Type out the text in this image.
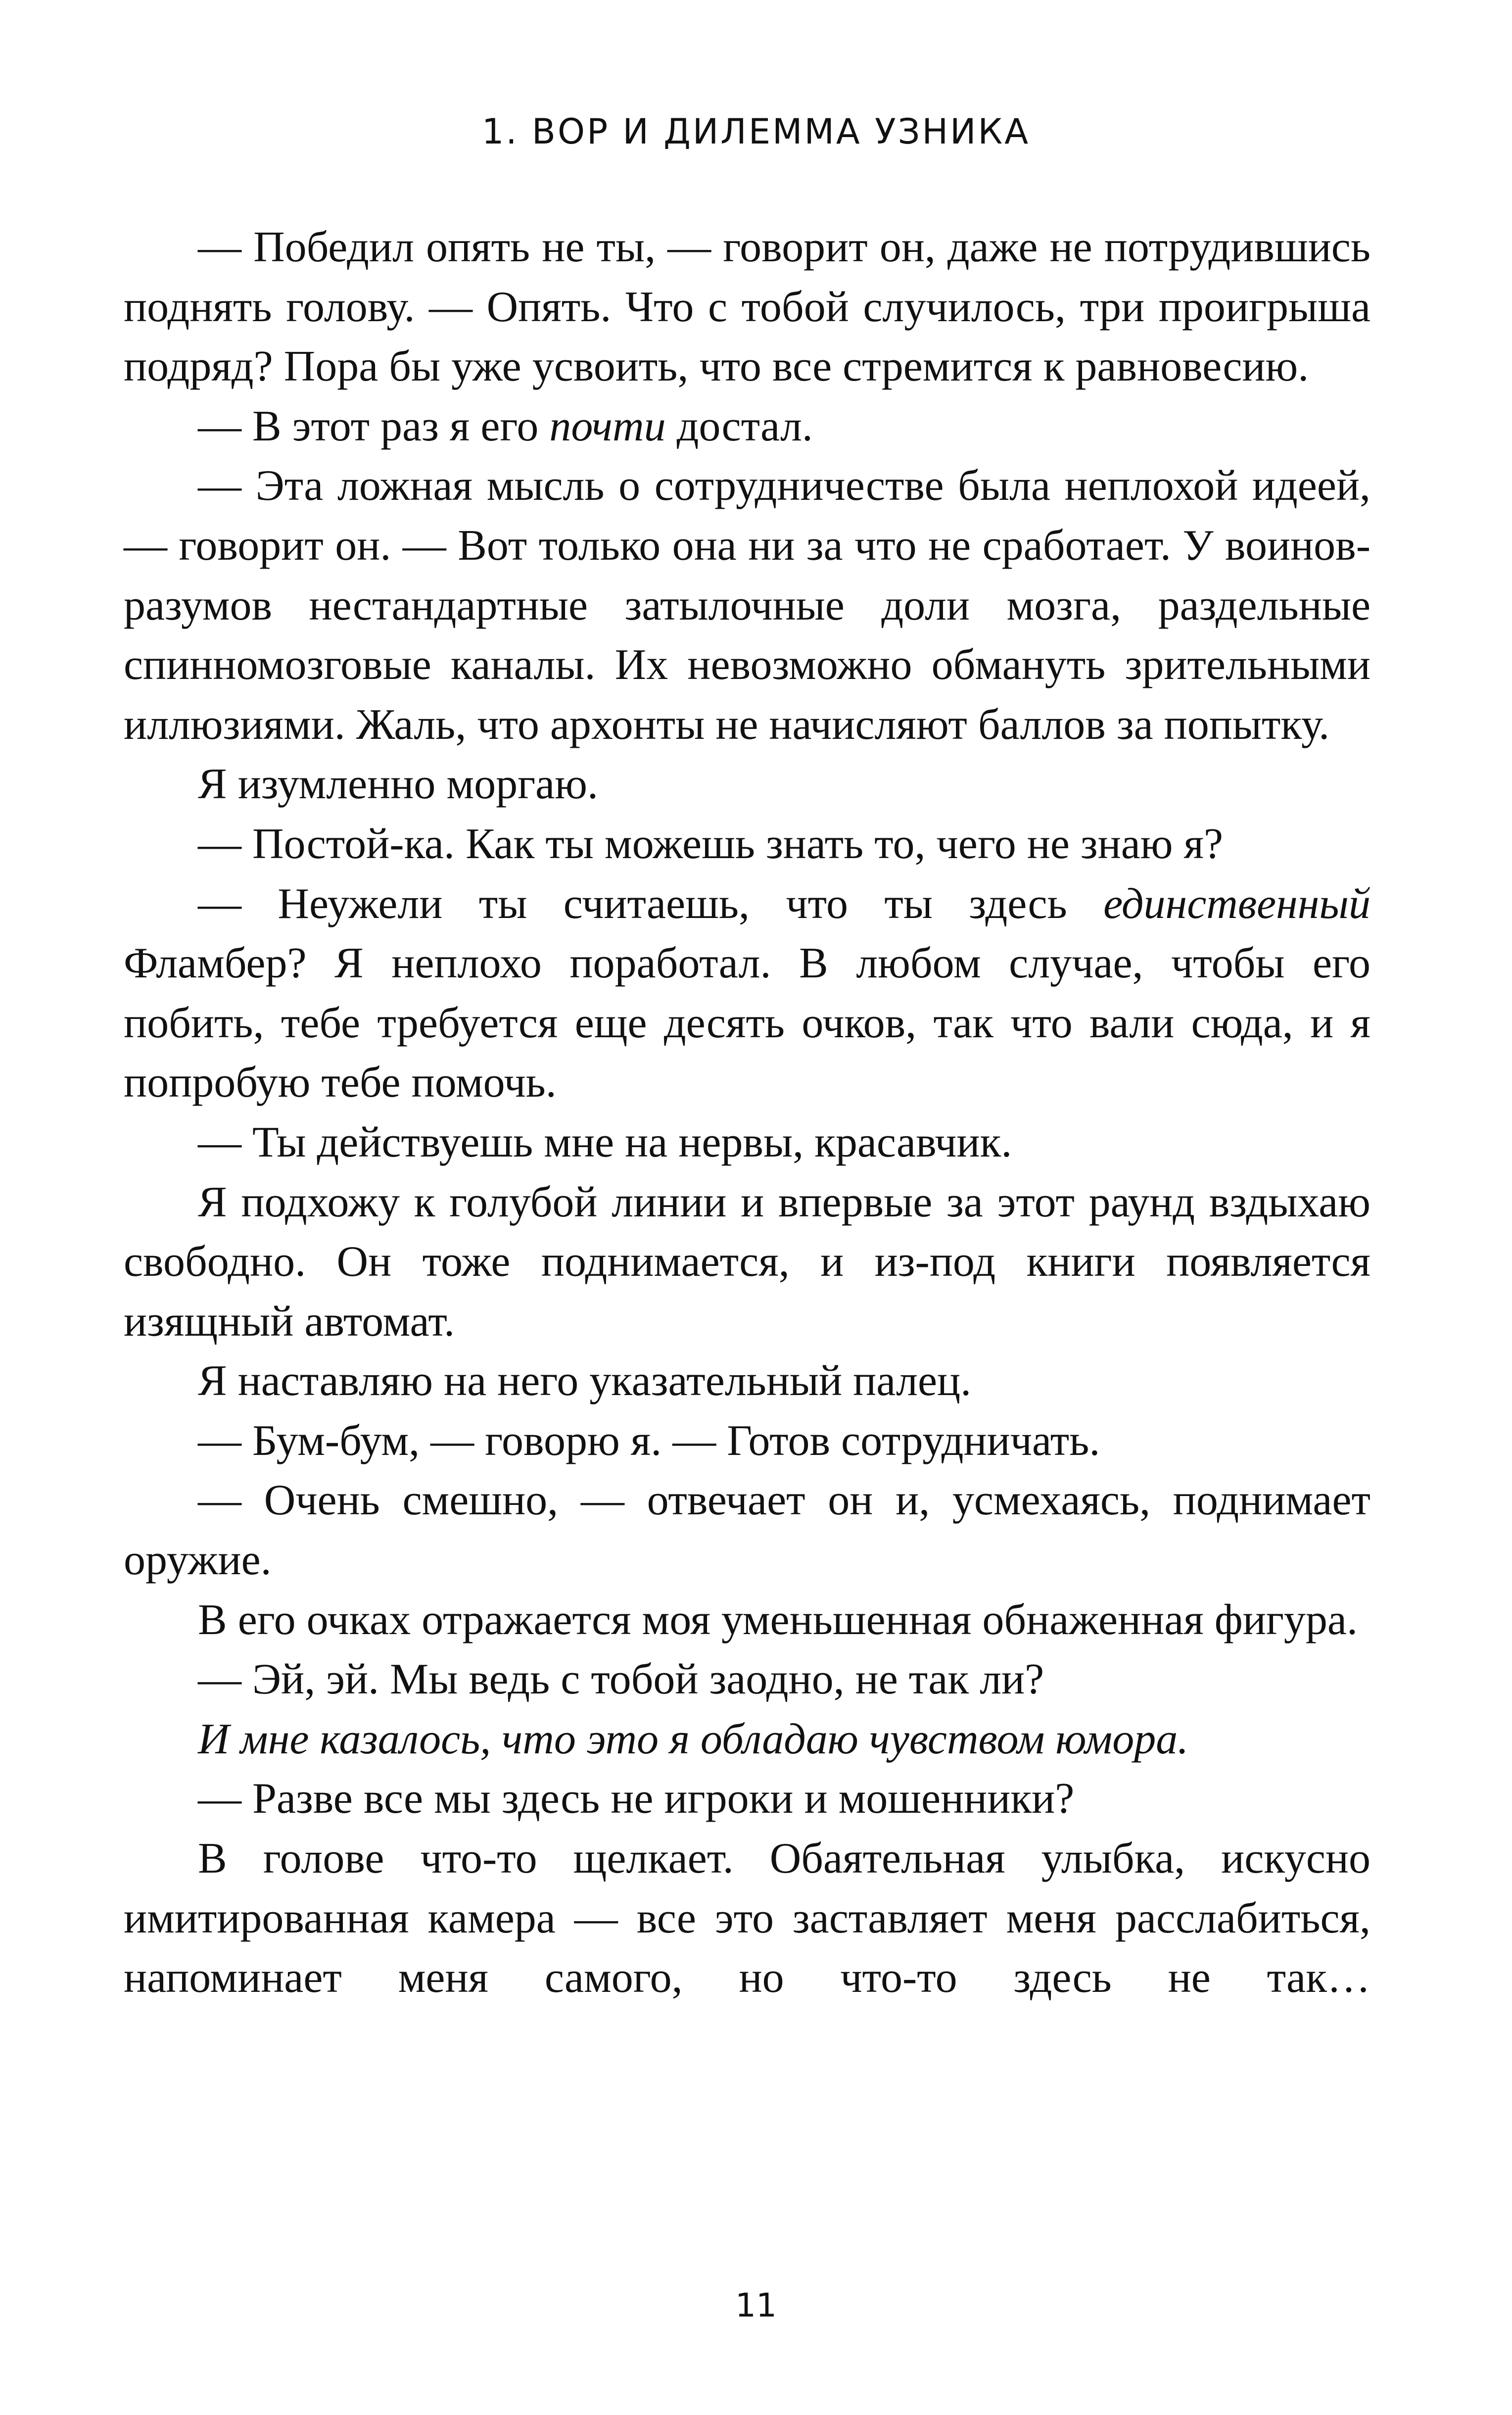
1. ВОР И ДИЛЕММА УЗНИКА

— Победил опять не ты, — говорит он, даже не потрудившись поднять голову. — Опять. Что с тобой случилось, три проигрыша подряд? Пора бы уже усвоить, что все стремится к равновесию.

— В этот раз я его почти достал.

— Эта ложная мысль о сотрудничестве была неплохой идеей, — говорит он. — Вот только она ни за что не сработает. У воинов-разумов нестандартные затылочные доли мозга, раздельные спинномозговые каналы. Их невозможно обмануть зрительными иллюзиями. Жаль, что архонты не начисляют баллов за попытку.

Я изумленно моргаю.

— Постой-ка. Как ты можешь знать то, чего не знаю я?

— Неужели ты считаешь, что ты здесь единственный Фламбер? Я неплохо поработал. В любом случае, чтобы его побить, тебе требуется еще десять очков, так что вали сюда, и я попробую тебе помочь.

— Ты действуешь мне на нервы, красавчик.

Я подхожу к голубой линии и впервые за этот раунд вздыхаю свободно. Он тоже поднимается, и из-под книги появляется изящный автомат.

Я наставляю на него указательный палец.

— Бум-бум, — говорю я. — Готов сотрудничать.

— Очень смешно, — отвечает он и, усмехаясь, поднимает оружие.

В его очках отражается моя уменьшенная обнаженная фигура.

— Эй, эй. Мы ведь с тобой заодно, не так ли?

И мне казалось, что это я обладаю чувством юмора.

— Разве все мы здесь не игроки и мошенники?

В голове что-то щелкает. Обаятельная улыбка, искусно имитированная камера — все это заставляет меня расслабиться, напоминает меня самого, но что-то здесь не так…

11
